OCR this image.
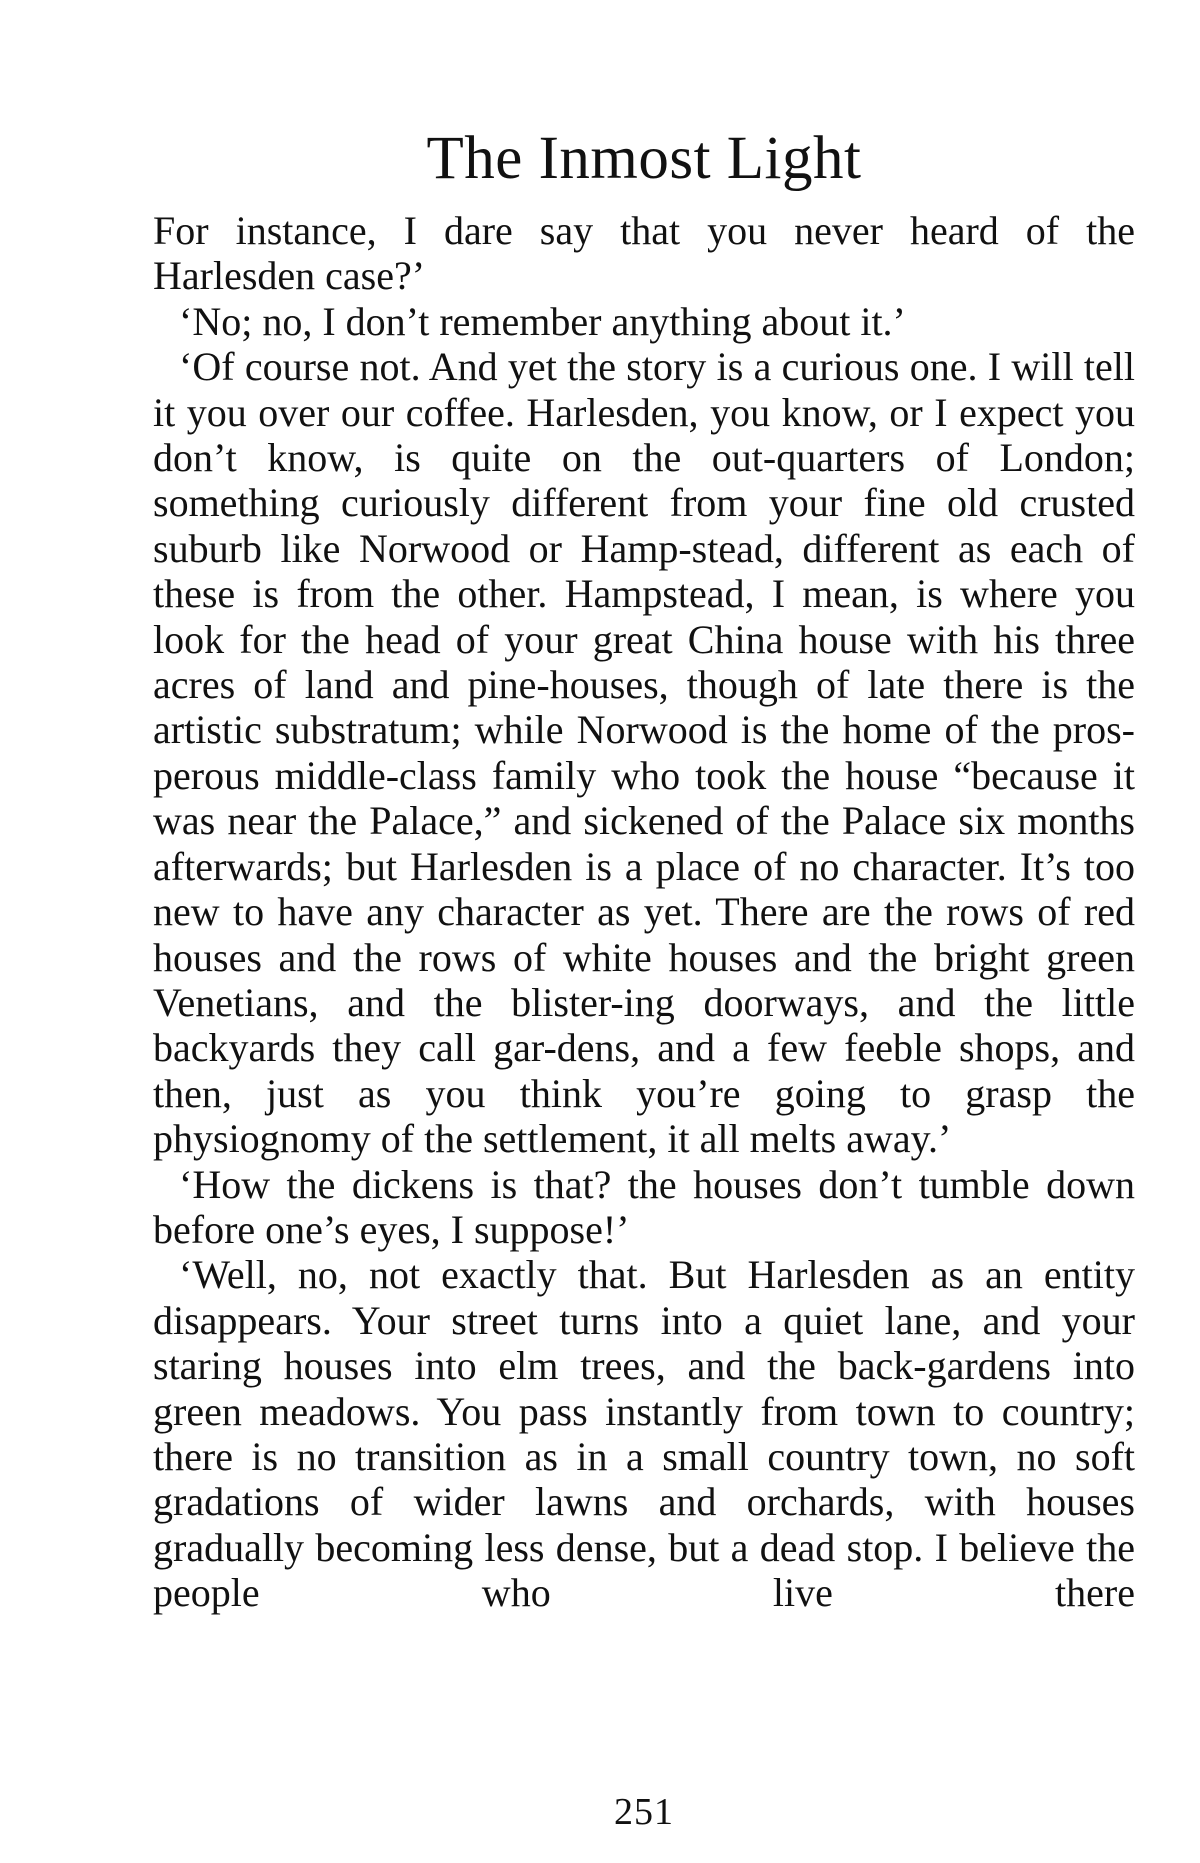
The Inmost Light

For instance, I dare say that you never heard of the Harlesden case?’

‘No; no, I don’t remember anything about it.’

‘Of course not. And yet the story is a curious one. I will tell it you over our coffee. Harlesden, you know, or I expect you don’t know, is quite on the out-quarters of London; something curiously different from your fine old crusted suburb like Norwood or Hamp-stead, different as each of these is from the other. Hampstead, I mean, is where you look for the head of your great China house with his three acres of land and pine-houses, though of late there is the artistic substratum; while Norwood is the home of the pros-perous middle-class family who took the house “because it was near the Palace,” and sickened of the Palace six months afterwards; but Harlesden is a place of no character. It’s too new to have any character as yet. There are the rows of red houses and the rows of white houses and the bright green Venetians, and the blister-ing doorways, and the little backyards they call gar-dens, and a few feeble shops, and then, just as you think you’re going to grasp the physiognomy of the settlement, it all melts away.’

‘How the dickens is that? the houses don’t tumble down before one’s eyes, I suppose!’

‘Well, no, not exactly that. But Harlesden as an entity disappears. Your street turns into a quiet lane, and your staring houses into elm trees, and the back-gardens into green meadows. You pass instantly from town to country; there is no transition as in a small country town, no soft gradations of wider lawns and orchards, with houses gradually becoming less dense, but a dead stop. I believe the people who live there

251
